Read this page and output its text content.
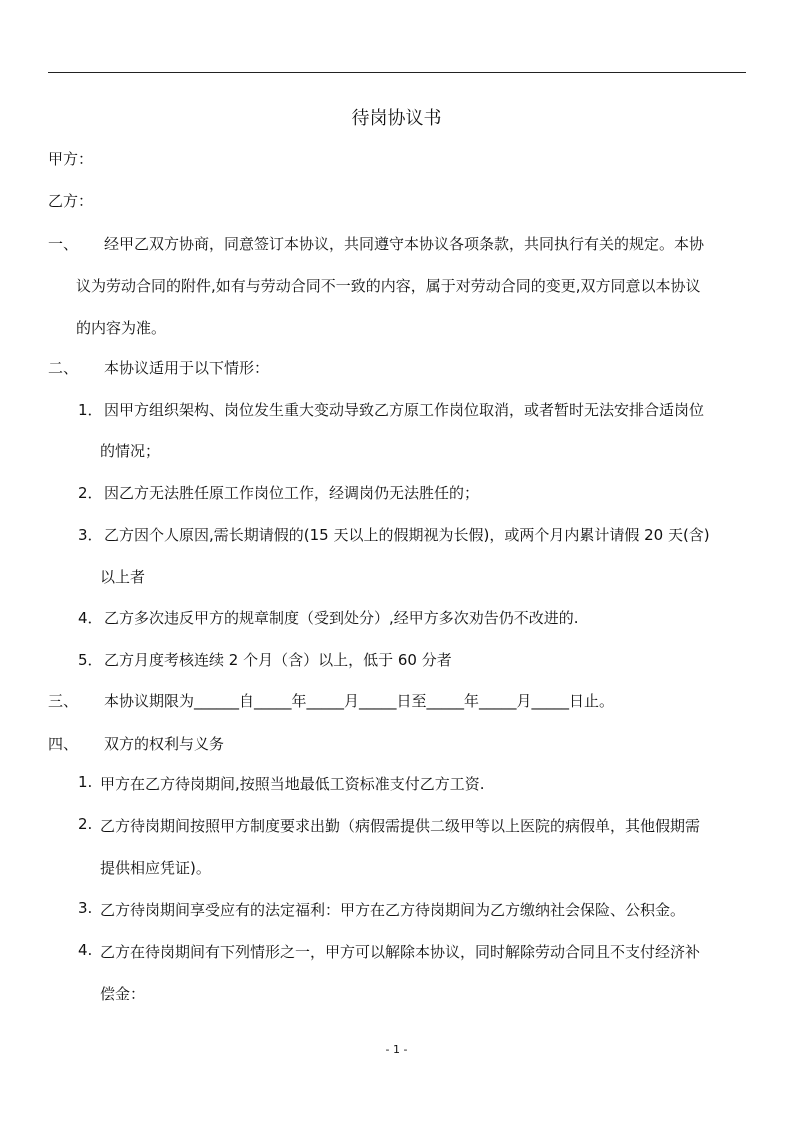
待岗协议书
甲方：
乙方：
一、 经甲乙双方协商，同意签订本协议，共同遵守本协议各项条款，共同执行有关的规定。本协
议为劳动合同的附件,如有与劳动合同不一致的内容，属于对劳动合同的变更,双方同意以本协议
的内容为准。
二、 本协议适用于以下情形：
1． 因甲方组织架构、岗位发生重大变动导致乙方原工作岗位取消，或者暂时无法安排合适岗位
的情况；
2． 因乙方无法胜任原工作岗位工作，经调岗仍无法胜任的；
3． 乙方因个人原因,需长期请假的(15 天以上的假期视为长假)，或两个月内累计请假 20 天(含)
以上者
4． 乙方多次违反甲方的规章制度（受到处分）,经甲方多次劝告仍不改进的.
5． 乙方月度考核连续 2 个月（含）以上，低于 60 分者
三、 本协议期限为______自_____年_____月_____日至_____年_____月_____日止。
四、 双方的权利与义务
1. 甲方在乙方待岗期间,按照当地最低工资标准支付乙方工资.
2. 乙方待岗期间按照甲方制度要求出勤（病假需提供二级甲等以上医院的病假单，其他假期需
提供相应凭证)。
3. 乙方待岗期间享受应有的法定福利：甲方在乙方待岗期间为乙方缴纳社会保险、公积金。
4. 乙方在待岗期间有下列情形之一，甲方可以解除本协议，同时解除劳动合同且不支付经济补
偿金：
- 1 -
